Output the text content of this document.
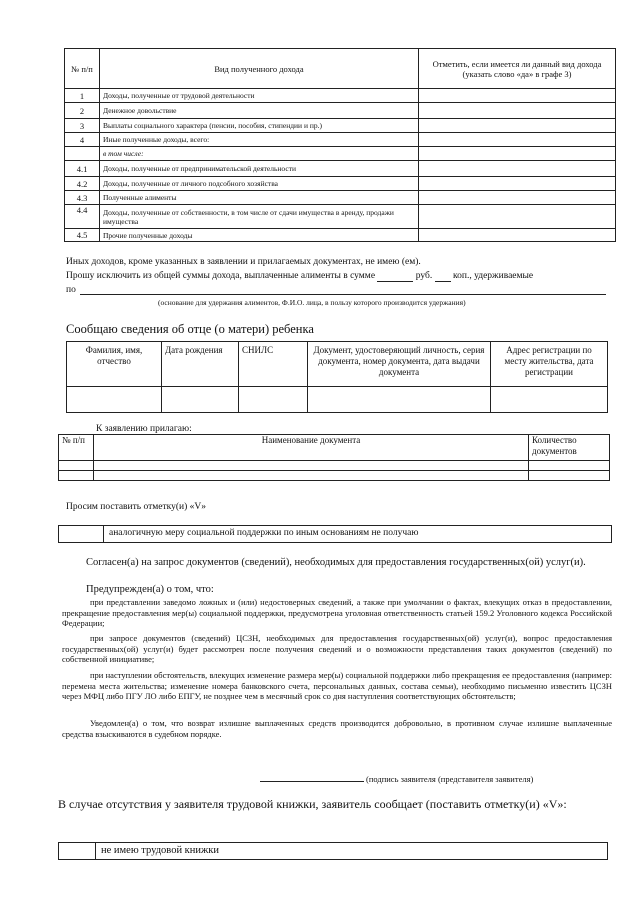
№ п/п	Вид полученного дохода	Отметить, если имеется ли данный вид дохода (указать слово «да» в графе 3)
1	Доходы, полученные от трудовой деятельности	
2	Денежное довольствие	
3	Выплаты социального характера (пенсии, пособия, стипендии и пр.)	
4	Иные полученные доходы, всего:	
	в том числе:	
4.1	Доходы, полученные от предпринимательской деятельности	
4.2	Доходы, полученные от личного подсобного хозяйства	
4.3	Полученные алименты	
4.4	Доходы, полученные от собственности, в том числе от сдачи имущества в аренду, продажи имущества	
4.5	Прочие полученные доходы	
Иных доходов, кроме указанных в заявлении и прилагаемых документах, не имею (ем).
Прошу исключить из общей суммы дохода, выплаченные алименты в сумме	руб. коп., удерживаемые
по
(основание для удержания алиментов, Ф.И.О. лица, в пользу которого производится удержания)
Сообщаю сведения об отце (о матери) ребенка
Фамилия, имя, отчество	Дата рождения	СНИЛС	Документ, удостоверяющий личность, серия документа, номер документа, дата выдачи документа	Адрес регистрации по месту жительства, дата регистрации

К заявлению прилагаю:
№ п/п	Наименование документа	Количество документов

Просим поставить отметку(и) «V»
аналогичную меру социальной поддержки по иным основаниям не получаю
Согласен(а) на запрос документов (сведений), необходимых для предоставления государственных(ой) услуг(и).
Предупрежден(а) о том, что:
при представлении заведомо ложных и (или) недостоверных сведений, а также при умолчании о фактах, влекущих отказ в предоставлении, прекращение предоставления мер(ы) социальной поддержки, предусмотрена уголовная ответственность статьей 159.2 Уголовного кодекса Российской Федерации;
при запросе документов (сведений) ЦСЗН, необходимых для предоставления государственных(ой) услуг(и), вопрос предоставления государственных(ой) услуг(и) будет рассмотрен после получения сведений и о возможности представления таких документов (сведений) по собственной инициативе;
при наступлении обстоятельств, влекущих изменение размера мер(ы) социальной поддержки либо прекращения ее предоставления (например: перемена места жительства; изменение номера банковского счета, персональных данных, состава семьи), необходимо письменно известить ЦСЗН через МФЦ либо ПГУ ЛО либо ЕПГУ, не позднее чем в месячный срок со дня наступления соответствующих обстоятельств;
Уведомлен(а) о том, что возврат излишне выплаченных средств производится добровольно, в противном случае излишне выплаченные средства взыскиваются в судебном порядке.
(подпись заявителя (представителя заявителя)
В случае отсутствия у заявителя трудовой книжки, заявитель сообщает (поставить отметку(и) «V»:
не имею трудовой книжки
